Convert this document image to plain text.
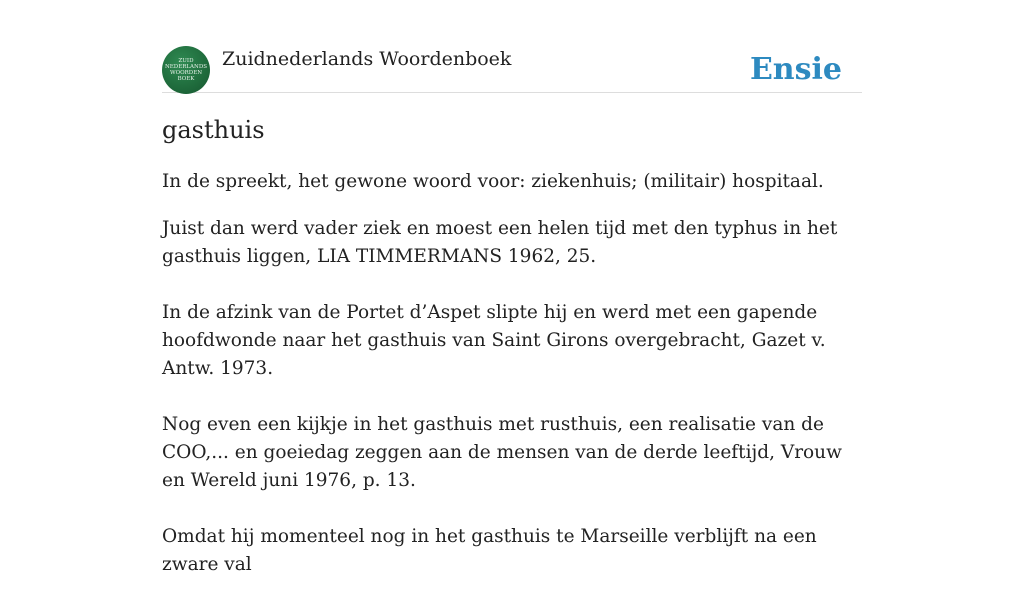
ZUID
NEDERLANDS
WOORDEN
BOEK
Zuidnederlands Woordenboek	Ensie
gasthuis

In de spreekt, het gewone woord voor: ziekenhuis; (militair) hospitaal.

Juist dan werd vader ziek en moest een helen tijd met den typhus in het gasthuis liggen, LIA TIMMERMANS 1962, 25.

In de afzink van de Portet d’Aspet slipte hij en werd met een gapende hoofdwonde naar het gasthuis van Saint Girons overgebracht, Gazet v. Antw. 1973.

Nog even een kijkje in het gasthuis met rusthuis, een realisatie van de COO,... en goeiedag zeggen aan de mensen van de derde leeftijd, Vrouw en Wereld juni 1976, p. 13.

Omdat hij momenteel nog in het gasthuis te Marseille verblijft na een zware val
